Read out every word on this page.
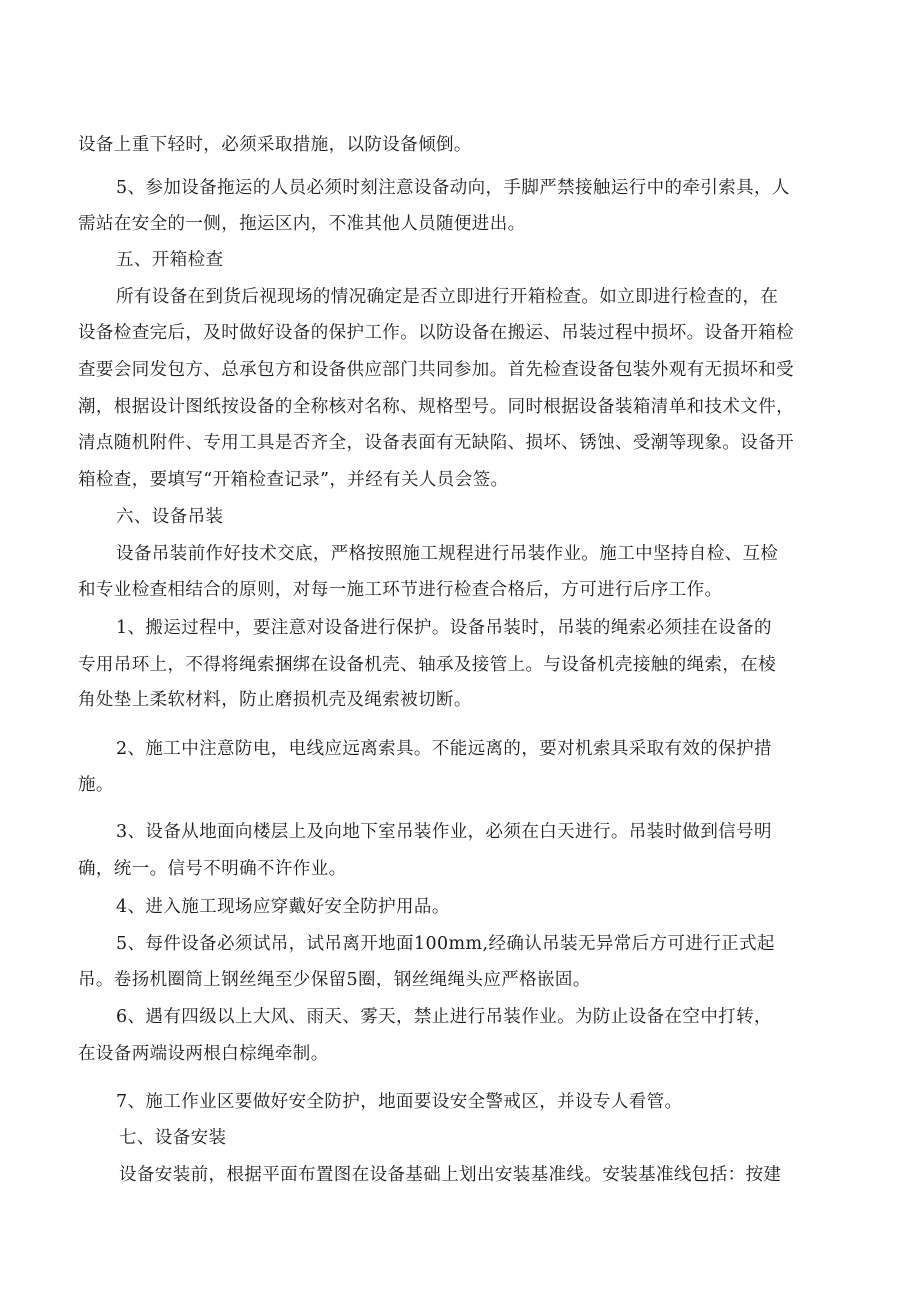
设备上重下轻时，必须采取措施，以防设备倾倒。
5、参加设备拖运的人员必须时刻注意设备动向，手脚严禁接触运行中的牵引索具，人
需站在安全的一侧，拖运区内，不准其他人员随便进出。
五、开箱检查
所有设备在到货后视现场的情况确定是否立即进行开箱检查。如立即进行检查的，在
设备检查完后，及时做好设备的保护工作。以防设备在搬运、吊装过程中损坏。设备开箱检
查要会同发包方、总承包方和设备供应部门共同参加。首先检查设备包装外观有无损坏和受
潮，根据设计图纸按设备的全称核对名称、规格型号。同时根据设备装箱清单和技术文件，
清点随机附件、专用工具是否齐全，设备表面有无缺陷、损坏、锈蚀、受潮等现象。设备开
箱检查，要填写“开箱检查记录”，并经有关人员会签。
六、设备吊装
设备吊装前作好技术交底，严格按照施工规程进行吊装作业。施工中坚持自检、互检
和专业检查相结合的原则，对每一施工环节进行检查合格后，方可进行后序工作。
1、搬运过程中，要注意对设备进行保护。设备吊装时，吊装的绳索必须挂在设备的
专用吊环上，不得将绳索捆绑在设备机壳、轴承及接管上。与设备机壳接触的绳索，在棱
角处垫上柔软材料，防止磨损机壳及绳索被切断。
2、施工中注意防电，电线应远离索具。不能远离的，要对机索具采取有效的保护措
施。
3、设备从地面向楼层上及向地下室吊装作业，必须在白天进行。吊装时做到信号明
确，统一。信号不明确不许作业。
4、进入施工现场应穿戴好安全防护用品。
5、每件设备必须试吊，试吊离开地面100mm,经确认吊装无异常后方可进行正式起
吊。卷扬机圈筒上钢丝绳至少保留5圈，钢丝绳绳头应严格嵌固。
6、遇有四级以上大风、雨天、雾天，禁止进行吊装作业。为防止设备在空中打转，
在设备两端设两根白棕绳牵制。
7、施工作业区要做好安全防护，地面要设安全警戒区，并设专人看管。
七、设备安装
设备安装前，根据平面布置图在设备基础上划出安装基准线。安装基准线包括：按建
